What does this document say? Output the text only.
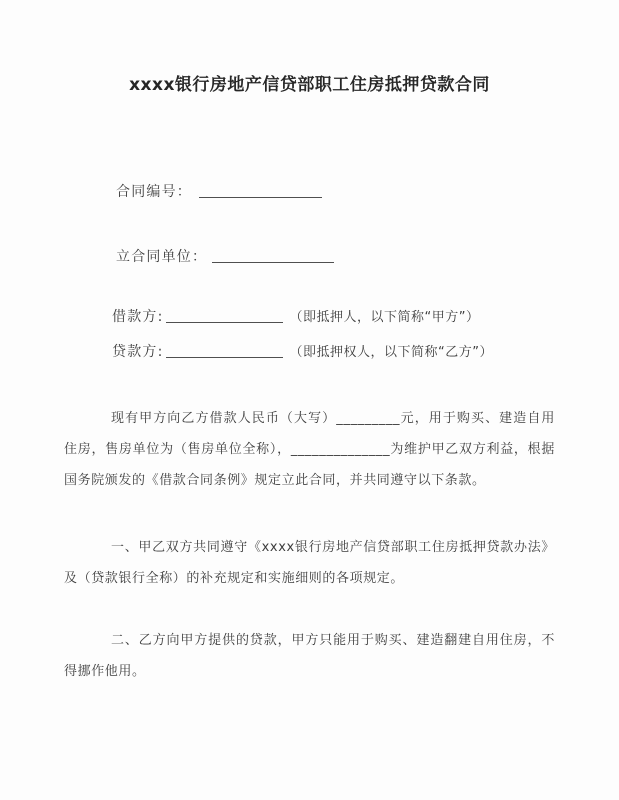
xxxx银行房地产信贷部职工住房抵押贷款合同
合同编号：
立合同单位：
借款方:	（即抵押人，以下简称“甲方”）
贷款方:	（即抵押权人，以下简称“乙方”）

现有甲方向乙方借款人民币（大写）_________元，用于购买、建造自用住房，售房单位为（售房单位全称），______________为维护甲乙双方利益，根据国务院颁发的《借款合同条例》规定立此合同，并共同遵守以下条款。

一、甲乙双方共同遵守《xxxx银行房地产信贷部职工住房抵押贷款办法》及（贷款银行全称）的补充规定和实施细则的各项规定。

二、乙方向甲方提供的贷款，甲方只能用于购买、建造翻建自用住房，不得挪作他用。
